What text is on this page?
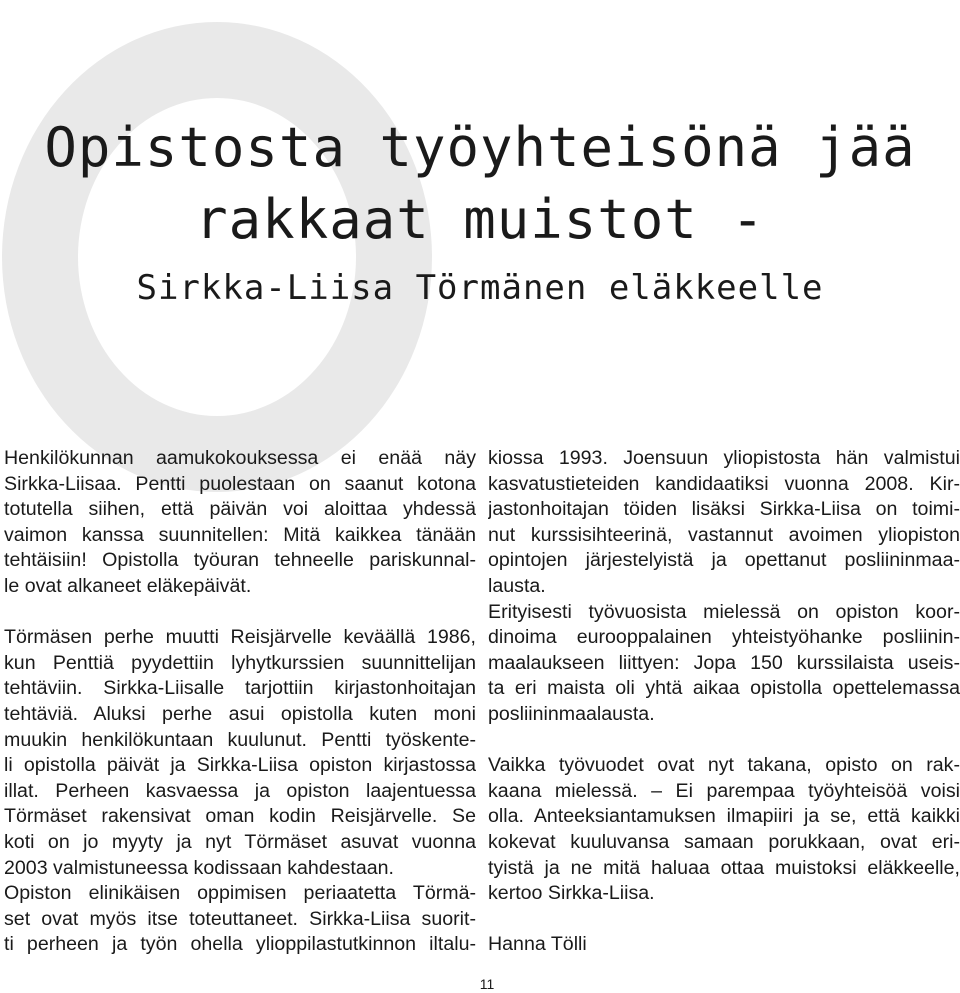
Opistosta työyhteisönä jää
rakkaat muistot -
Sirkka-Liisa Törmänen eläkkeelle

Henkilökunnan aamukokouksessa ei enää näy
Sirkka-Liisaa. Pentti puolestaan on saanut kotona
totutella siihen, että päivän voi aloittaa yhdessä
vaimon kanssa suunnitellen: Mitä kaikkea tänään
tehtäisiin! Opistolla työuran tehneelle pariskunnal-
le ovat alkaneet eläkepäivät.

Törmäsen perhe muutti Reisjärvelle keväällä 1986,
kun Penttiä pyydettiin lyhytkurssien suunnittelijan
tehtäviin. Sirkka-Liisalle tarjottiin kirjastonhoitajan
tehtäviä. Aluksi perhe asui opistolla kuten moni
muukin henkilökuntaan kuulunut. Pentti työskente-
li opistolla päivät ja Sirkka-Liisa opiston kirjastossa
illat. Perheen kasvaessa ja opiston laajentuessa
Törmäset rakensivat oman kodin Reisjärvelle. Se
koti on jo myyty ja nyt Törmäset asuvat vuonna
2003 valmistuneessa kodissaan kahdestaan.
Opiston elinikäisen oppimisen periaatetta Törmä-
set ovat myös itse toteuttaneet. Sirkka-Liisa suorit-
ti perheen ja työn ohella ylioppilastutkinnon iltalu-

kiossa 1993. Joensuun yliopistosta hän valmistui
kasvatustieteiden kandidaatiksi vuonna 2008. Kir-
jastonhoitajan töiden lisäksi Sirkka-Liisa on toimi-
nut kurssisihteerinä, vastannut avoimen yliopiston
opintojen järjestelyistä ja opettanut posliininmaa-
lausta.

Erityisesti työvuosista mielessä on opiston koor-
dinoima eurooppalainen yhteistyöhanke posliinin-
maalaukseen liittyen: Jopa 150 kurssilaista useis-
ta eri maista oli yhtä aikaa opistolla opettelemassa
posliininmaalausta.

Vaikka työvuodet ovat nyt takana, opisto on rak-
kaana mielessä. – Ei parempaa työyhteisöä voisi
olla. Anteeksiantamuksen ilmapiiri ja se, että kaikki
kokevat kuuluvansa samaan porukkaan, ovat eri-
tyistä ja ne mitä haluaa ottaa muistoksi eläkkeelle,
kertoo Sirkka-Liisa.

Hanna Tölli

11
